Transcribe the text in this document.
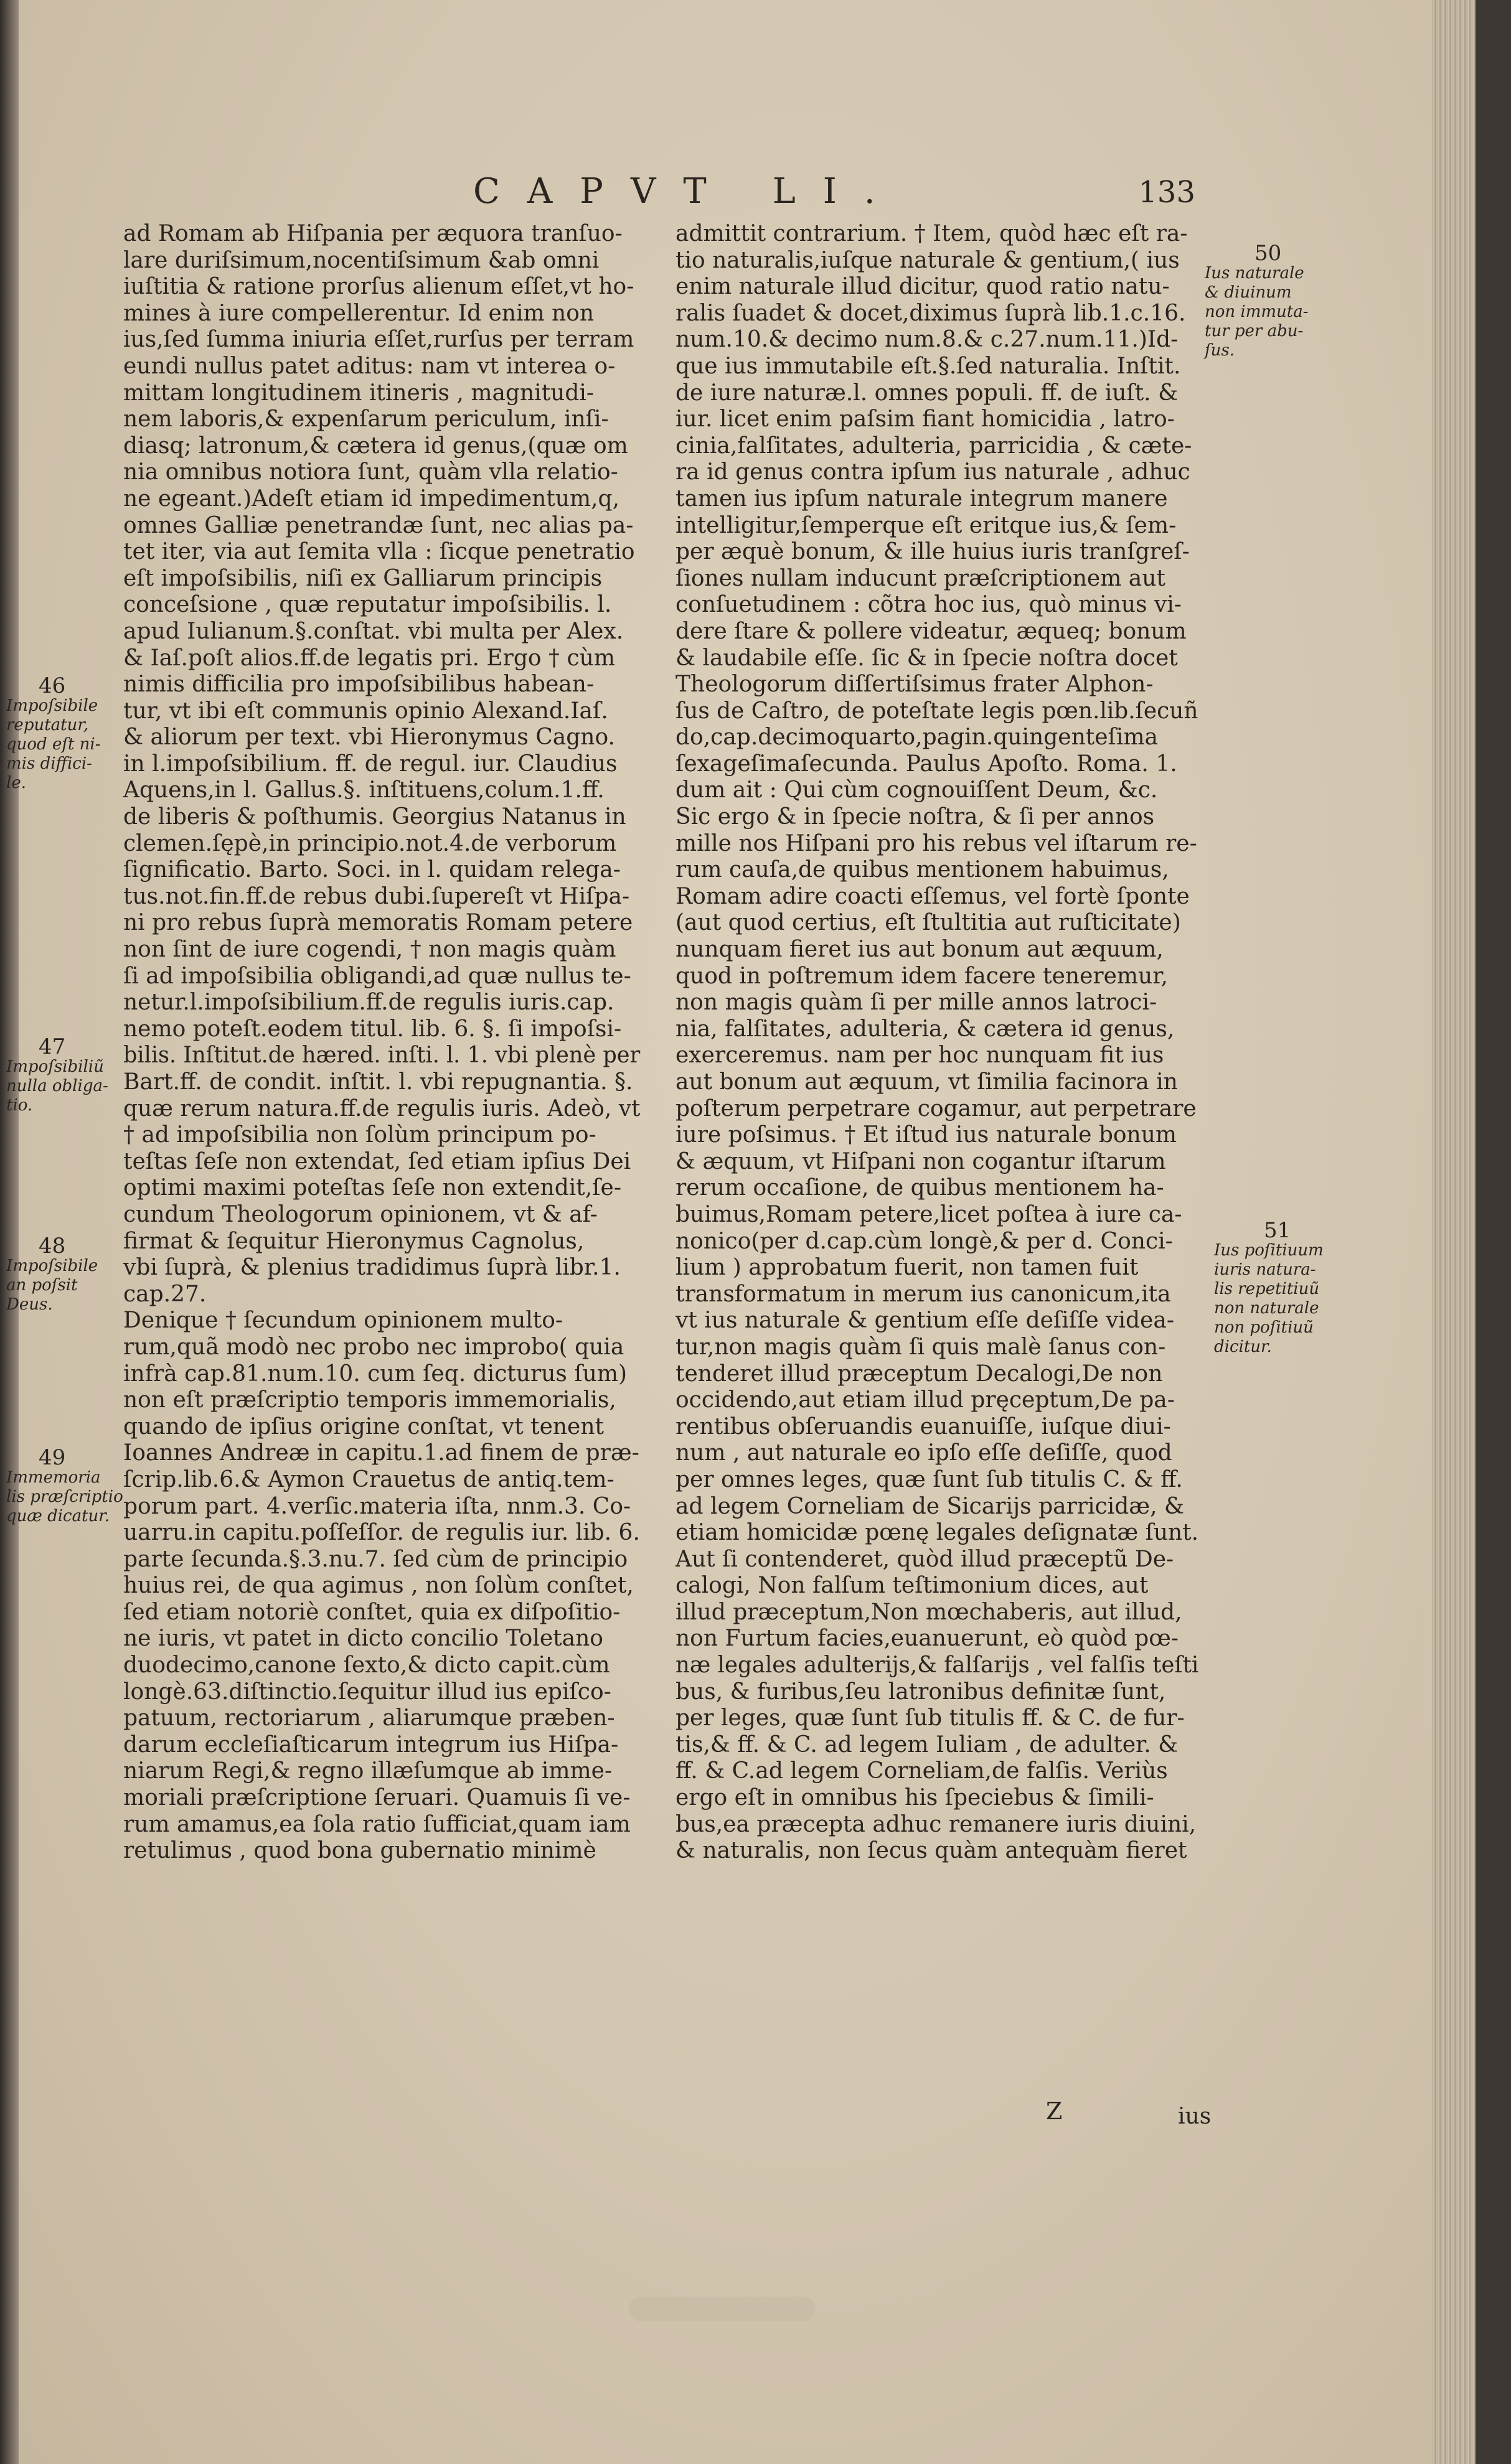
CAPVT LI.	133
ad Romam ab Hiſpania per æquora tranſuo-
lare duriſsimum,nocentiſsimum &ab omni
iuſtitia & ratione prorſus alienum eſſet,vt ho-
mines à iure compellerentur. Id enim non
ius,ſed ſumma iniuria eſſet,rurſus per terram
eundi nullus patet aditus: nam vt interea o-
mittam longitudinem itineris , magnitudi-
nem laboris,& expenſarum periculum, inſi-
diasq; latronum,& cætera id genus,(quæ om
nia omnibus notiora ſunt, quàm vlla relatio-
ne egeant.)Adeſt etiam id impedimentum,q,
omnes Galliæ penetrandæ ſunt, nec alias pa-
tet iter, via aut ſemita vlla : ſicque penetratio
eſt impoſsibilis, niſi ex Galliarum principis
conceſsione , quæ reputatur impoſsibilis. l.
apud Iulianum.§.conſtat. vbi multa per Alex.
& Iaſ.poſt alios.ff.de legatis pri. Ergo † cùm
nimis difficilia pro impoſsibilibus habean-
tur, vt ibi eſt communis opinio Alexand.Iaſ.
& aliorum per text. vbi Hieronymus Cagno.
in l.impoſsibilium. ff. de regul. iur. Claudius
Aquens,in l. Gallus.§. inſtituens,colum.1.ff.
de liberis & poſthumis. Georgius Natanus in
clemen.ſępè,in principio.not.4.de verborum
ſignificatio. Barto. Soci. in l. quidam relega-
tus.not.fin.ff.de rebus dubi.ſupereſt vt Hiſpa-
ni pro rebus ſuprà memoratis Romam petere
non ſint de iure cogendi, † non magis quàm
ſi ad impoſsibilia obligandi,ad quæ nullus te-
netur.l.impoſsibilium.ff.de regulis iuris.cap.
nemo poteſt.eodem titul. lib. 6. §. ſi impoſsi-
bilis. Inſtitut.de hæred. inſti. l. 1. vbi plenè per
Bart.ff. de condit. inſtit. l. vbi repugnantia. §.
quæ rerum natura.ff.de regulis iuris. Adeò, vt
† ad impoſsibilia non ſolùm principum po-
teſtas ſeſe non extendat, ſed etiam ipſius Dei
optimi maximi poteſtas ſeſe non extendit,ſe-
cundum Theologorum opinionem, vt & af-
firmat & ſequitur Hieronymus Cagnolus,
vbi ſuprà, & plenius tradidimus ſuprà libr.1.
cap.27.
Denique † ſecundum opinionem multo-
rum,quã modò nec probo nec improbo( quia
infrà cap.81.num.10. cum ſeq. dicturus ſum)
non eſt præſcriptio temporis immemorialis,
quando de ipſius origine conſtat, vt tenent
Ioannes Andreæ in capitu.1.ad finem de præ-
ſcrip.lib.6.& Aymon Crauetus de antiq.tem-
porum part. 4.verſic.materia iſta, nnm.3. Co-
uarru.in capitu.poſſeſſor. de regulis iur. lib. 6.
parte ſecunda.§.3.nu.7. ſed cùm de principio
huius rei, de qua agimus , non ſolùm conſtet,
ſed etiam notoriè conſtet, quia ex diſpoſitio-
ne iuris, vt patet in dicto concilio Toletano
duodecimo,canone ſexto,& dicto capit.cùm
longè.63.diſtinctio.ſequitur illud ius epiſco-
patuum, rectoriarum , aliarumque præben-
darum eccleſiaſticarum integrum ius Hiſpa-
niarum Regi,& regno illæſumque ab imme-
moriali præſcriptione ſeruari. Quamuis ſi ve-
rum amamus,ea ſola ratio ſufficiat,quam iam
retulimus , quod bona gubernatio minimè
admittit contrarium. † Item, quòd hæc eſt ra-
tio naturalis,iuſque naturale & gentium,( ius
enim naturale illud dicitur, quod ratio natu-
ralis ſuadet & docet,diximus ſuprà lib.1.c.16.
num.10.& decimo num.8.& c.27.num.11.)Id-
que ius immutabile eſt.§.ſed naturalia. Inſtit.
de iure naturæ.l. omnes populi. ff. de iuſt. &
iur. licet enim paſsim fiant homicidia , latro-
cinia,falſitates, adulteria, parricidia , & cæte-
ra id genus contra ipſum ius naturale , adhuc
tamen ius ipſum naturale integrum manere
intelligitur,ſemperque eſt eritque ius,& ſem-
per æquè bonum, & ille huius iuris tranſgreſ-
ſiones nullam inducunt præſcriptionem aut
conſuetudinem : cõtra hoc ius, quò minus vi-
dere ſtare & pollere videatur, æqueq; bonum
& laudabile eſſe. ſic & in ſpecie noſtra docet
Theologorum diſſertiſsimus frater Alphon-
ſus de Caſtro, de poteſtate legis pœn.lib.ſecuñ
do,cap.decimoquarto,pagin.quingenteſima
ſexageſimaſecunda. Paulus Apoſto. Roma. 1.
dum ait : Qui cùm cognouiſſent Deum, &c.
Sic ergo & in ſpecie noſtra, & ſi per annos
mille nos Hiſpani pro his rebus vel iſtarum re-
rum cauſa,de quibus mentionem habuimus,
Romam adire coacti eſſemus, vel fortè ſponte
(aut quod certius, eſt ſtultitia aut ruſticitate)
nunquam fieret ius aut bonum aut æquum,
quod in poſtremum idem facere teneremur,
non magis quàm ſi per mille annos latroci-
nia, falſitates, adulteria, & cætera id genus,
exerceremus. nam per hoc nunquam fit ius
aut bonum aut æquum, vt ſimilia facinora in
poſterum perpetrare cogamur, aut perpetrare
iure poſsimus. † Et iſtud ius naturale bonum
& æquum, vt Hiſpani non cogantur iſtarum
rerum occaſione, de quibus mentionem ha-
buimus,Romam petere,licet poſtea à iure ca-
nonico(per d.cap.cùm longè,& per d. Conci-
lium ) approbatum fuerit, non tamen fuit
transformatum in merum ius canonicum,ita
vt ius naturale & gentium eſſe deſiſſe videa-
tur,non magis quàm ſi quis malè ſanus con-
tenderet illud præceptum Decalogi,De non
occidendo,aut etiam illud pręceptum,De pa-
rentibus obſeruandis euanuiſſe, iuſque diui-
num , aut naturale eo ipſo eſſe deſiſſe, quod
per omnes leges, quæ ſunt ſub titulis C. & ff.
ad legem Corneliam de Sicarijs parricidæ, &
etiam homicidæ pœnę legales deſignatæ ſunt.
Aut ſi contenderet, quòd illud præceptũ De-
calogi, Non falſum teſtimonium dices, aut
illud præceptum,Non mœchaberis, aut illud,
non Furtum facies,euanuerunt, eò quòd pœ-
næ legales adulterijs,& falſarijs , vel falſis teſti
bus, & furibus,ſeu latronibus definitæ ſunt,
per leges, quæ ſunt ſub titulis ff. & C. de fur-
tis,& ff. & C. ad legem Iuliam , de adulter. &
ff. & C.ad legem Corneliam,de falſis. Veriùs
ergo eſt in omnibus his ſpeciebus & ſimili-
bus,ea præcepta adhuc remanere iuris diuini,
& naturalis, non ſecus quàm antequàm fieret
46
Impoſsibile
reputatur,
quod eſt ni-
mis diffici-
le.
47
Impoſsibiliũ
nulla obliga-
tio.
48
Impoſsibile
an poſsit
Deus.
49
Immemoria
lis præſcriptio
quæ dicatur.
50
Ius naturale
& diuinum
non immuta-
tur per abu-
ſus.
51
Ius poſitiuum
iuris natura-
lis repetitiuũ
non naturale
non poſitiuũ
dicitur.
Z	ius
